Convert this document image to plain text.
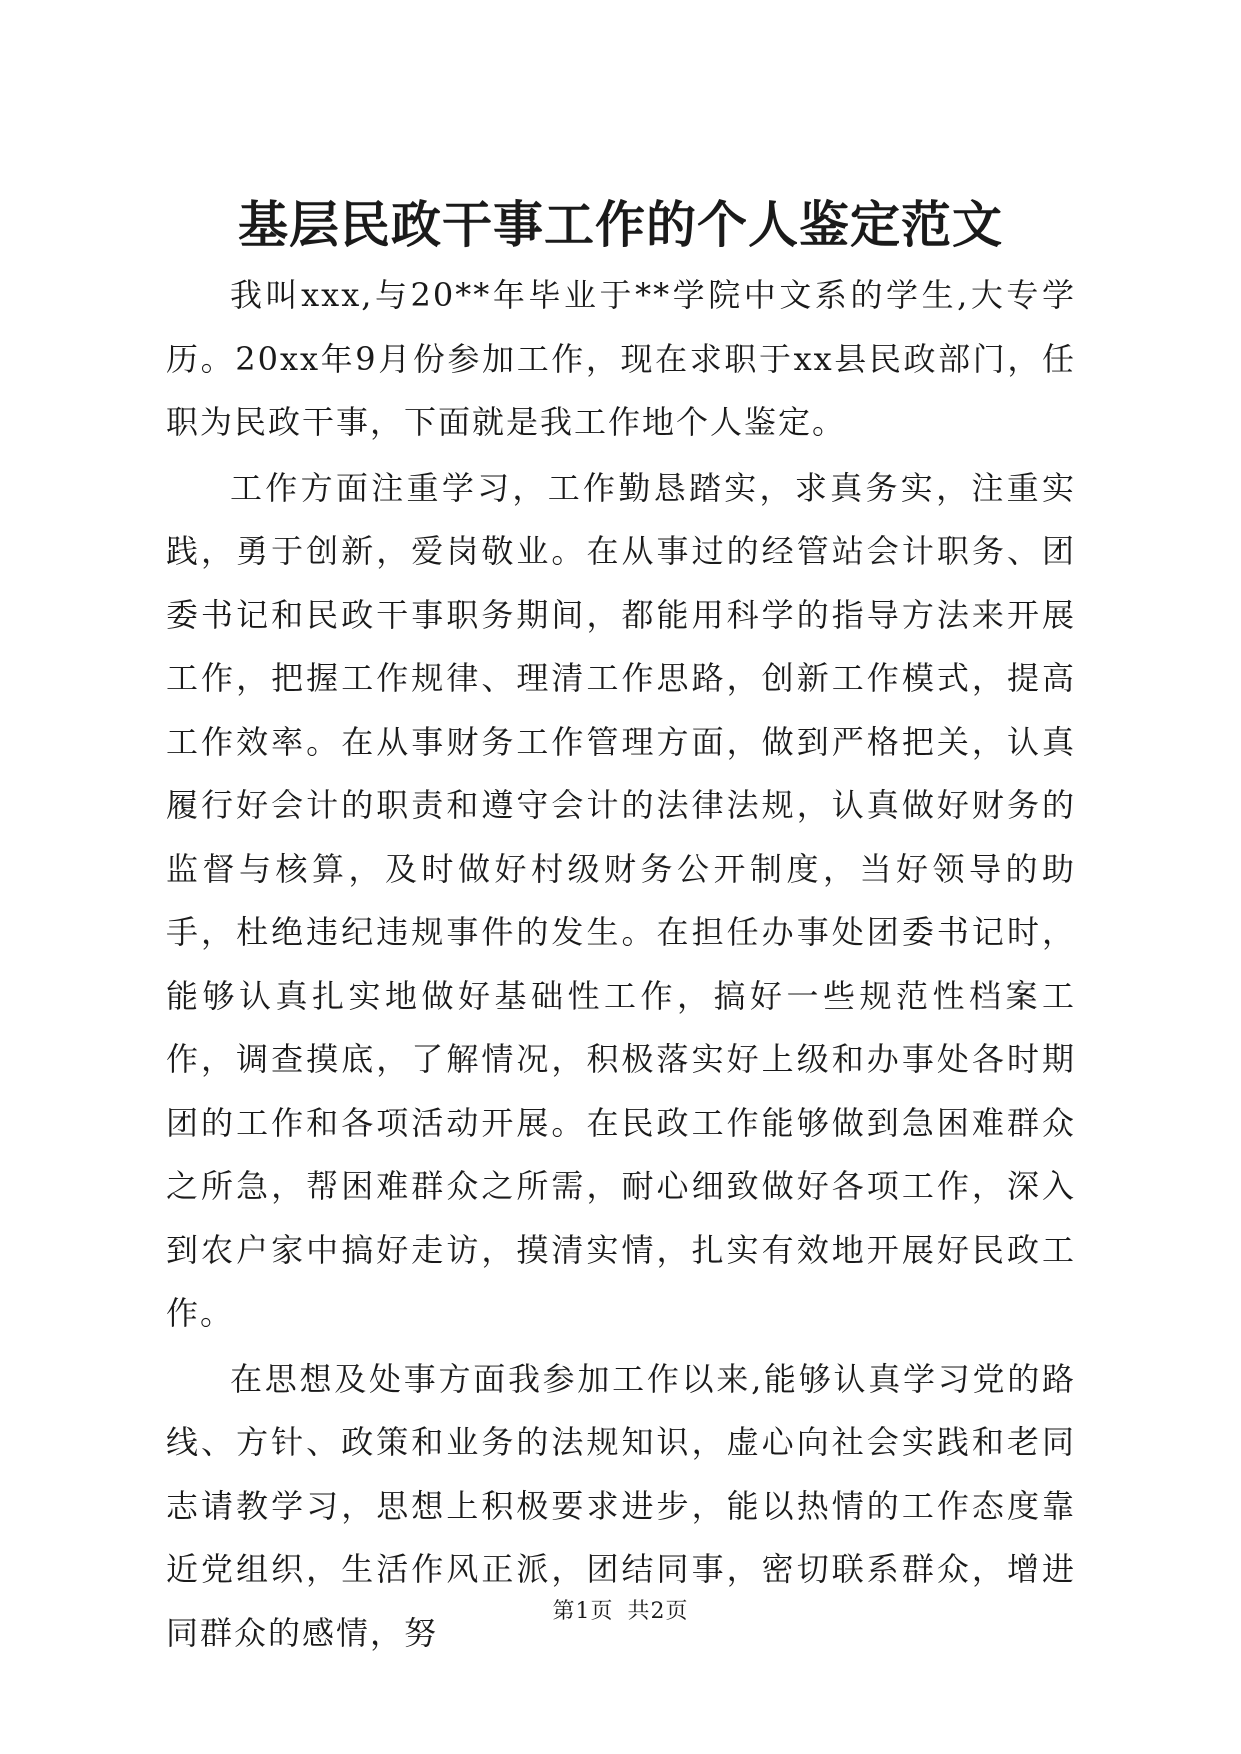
基层民政干事工作的个人鉴定范文

我叫xxx,与20**年毕业于**学院中文系的学生,大专学历。20xx年9月份参加工作，现在求职于xx县民政部门，任职为民政干事，下面就是我工作地个人鉴定。

工作方面注重学习，工作勤恳踏实，求真务实，注重实践，勇于创新，爱岗敬业。在从事过的经管站会计职务、团委书记和民政干事职务期间，都能用科学的指导方法来开展工作，把握工作规律、理清工作思路，创新工作模式，提高工作效率。在从事财务工作管理方面，做到严格把关，认真履行好会计的职责和遵守会计的法律法规，认真做好财务的监督与核算，及时做好村级财务公开制度，当好领导的助手，杜绝违纪违规事件的发生。在担任办事处团委书记时，能够认真扎实地做好基础性工作，搞好一些规范性档案工作，调查摸底，了解情况，积极落实好上级和办事处各时期团的工作和各项活动开展。在民政工作能够做到急困难群众之所急，帮困难群众之所需，耐心细致做好各项工作，深入到农户家中搞好走访，摸清实情，扎实有效地开展好民政工作。

在思想及处事方面我参加工作以来,能够认真学习党的路线、方针、政策和业务的法规知识，虚心向社会实践和老同志请教学习，思想上积极要求进步，能以热情的工作态度靠近党组织，生活作风正派，团结同事，密切联系群众，增进同群众的感情，努

第1页 共2页
